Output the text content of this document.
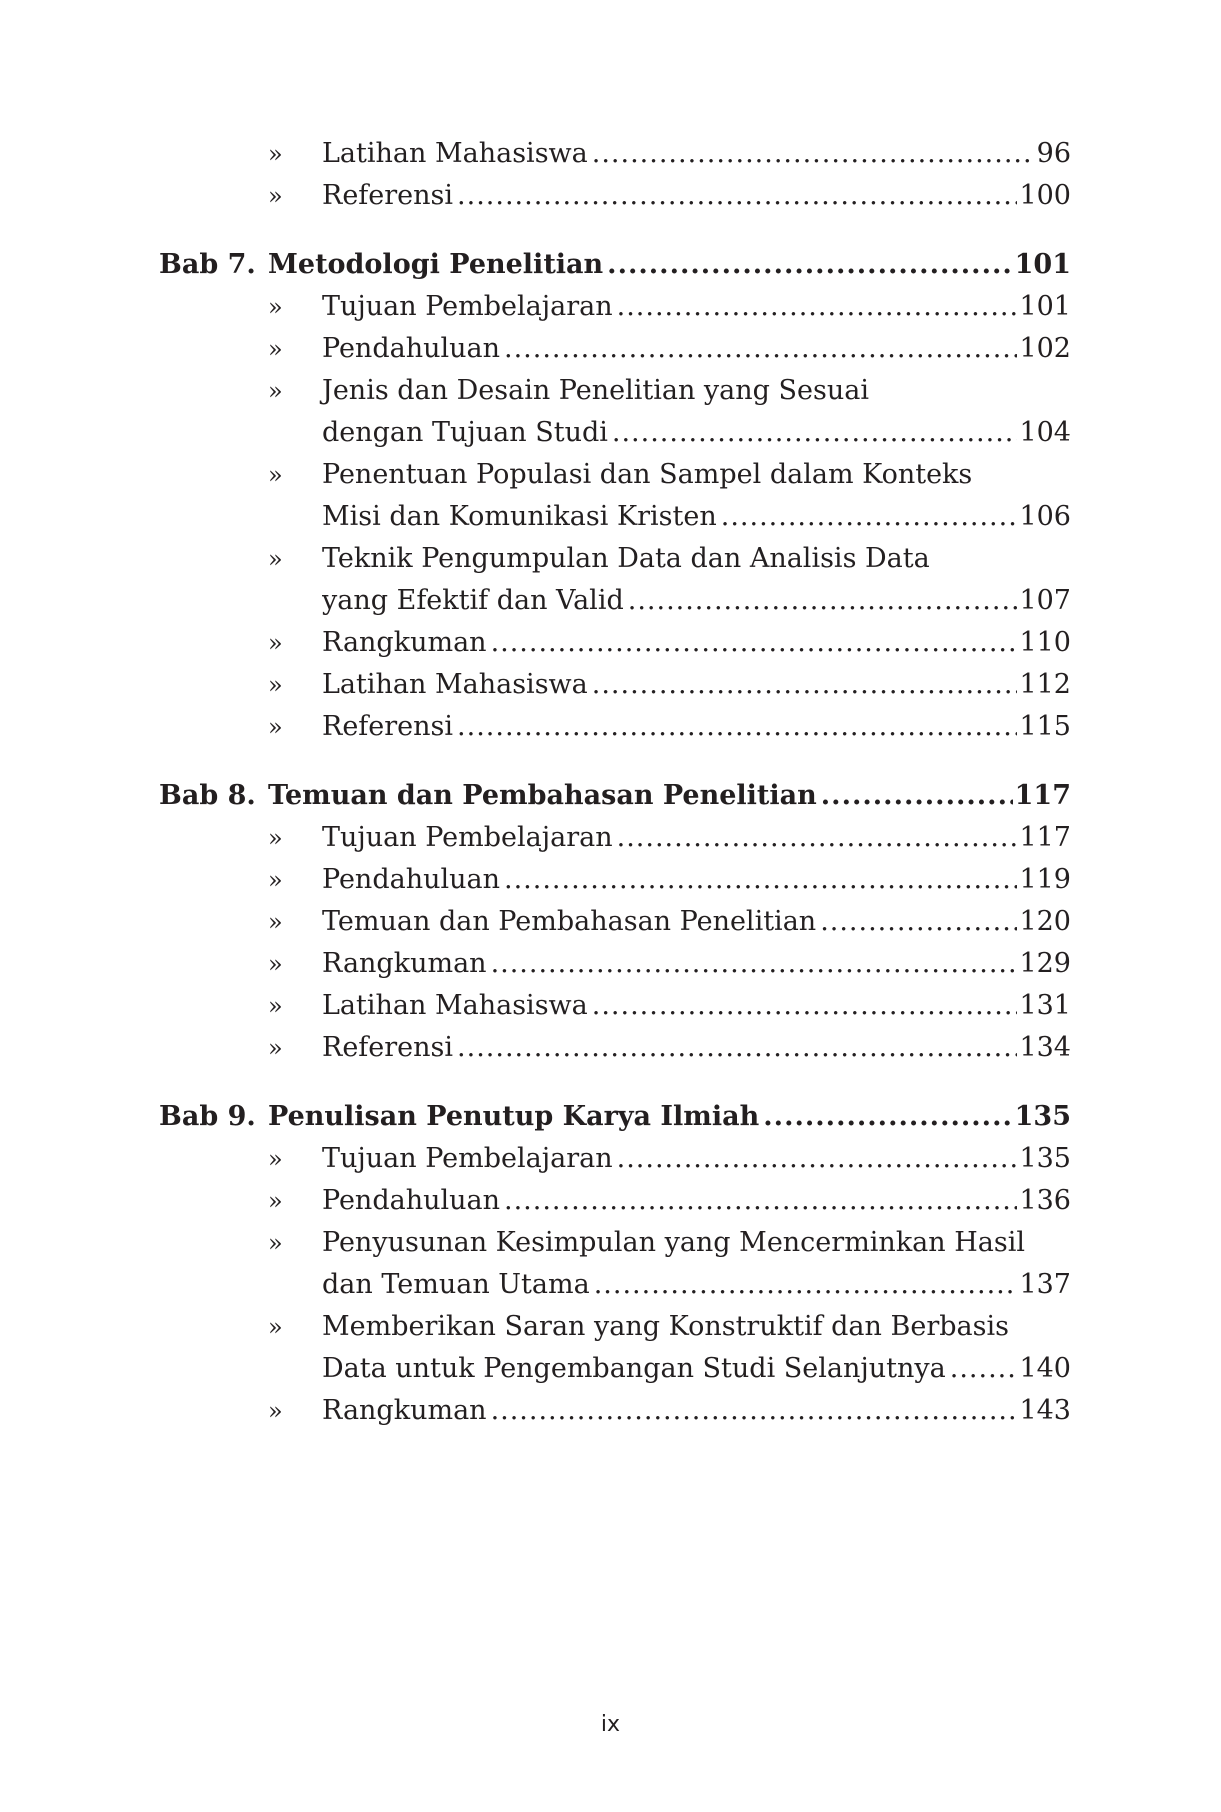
» Latihan Mahasiswa .....	96
» Referensi .....	100
Bab 7. Metodologi Penelitian .....	101
» Tujuan Pembelajaran .....	101
» Pendahuluan .....	102
» Jenis dan Desain Penelitian yang Sesuai
dengan Tujuan Studi .....	104
» Penentuan Populasi dan Sampel dalam Konteks
Misi dan Komunikasi Kristen .....	106
» Teknik Pengumpulan Data dan Analisis Data
yang Efektif dan Valid .....	107
» Rangkuman .....	110
» Latihan Mahasiswa .....	112
» Referensi .....	115
Bab 8. Temuan dan Pembahasan Penelitian .....	117
» Tujuan Pembelajaran .....	117
» Pendahuluan .....	119
» Temuan dan Pembahasan Penelitian .....	120
» Rangkuman .....	129
» Latihan Mahasiswa .....	131
» Referensi .....	134
Bab 9. Penulisan Penutup Karya Ilmiah .....	135
» Tujuan Pembelajaran .....	135
» Pendahuluan .....	136
» Penyusunan Kesimpulan yang Mencerminkan Hasil
dan Temuan Utama .....	137
» Memberikan Saran yang Konstruktif dan Berbasis
Data untuk Pengembangan Studi Selanjutnya .....	140
» Rangkuman .....	143
ix
